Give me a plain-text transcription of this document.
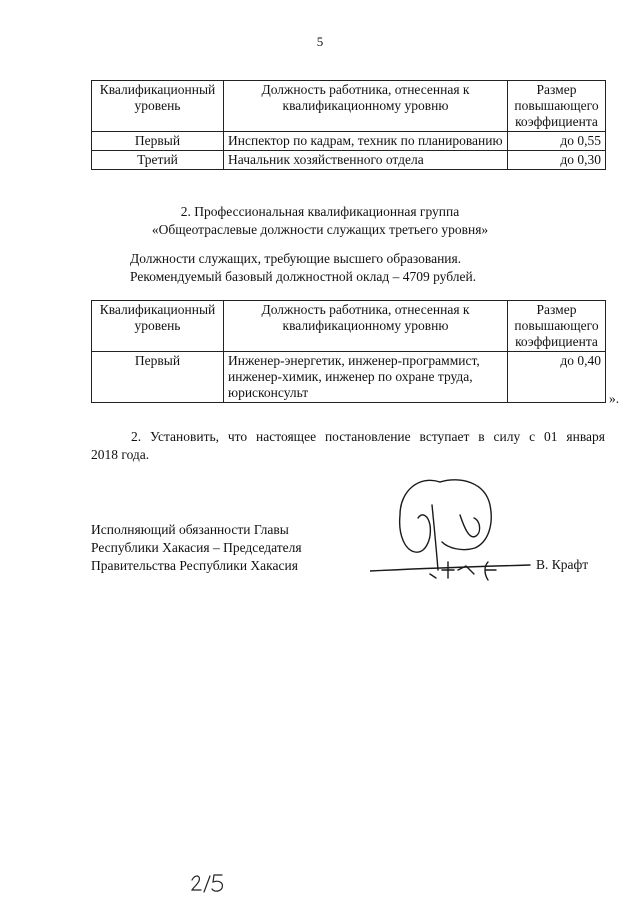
5
Квалификационный уровень	Должность работника, отнесенная к квалификационному уровню	Размер повышающего коэффициента
Первый	Инспектор по кадрам, техник по планированию	до 0,55
Третий	Начальник хозяйственного отдела	до 0,30
2. Профессиональная квалификационная группа
«Общеотраслевые должности служащих третьего уровня»
Должности служащих, требующие высшего образования.
Рекомендуемый базовый должностной оклад – 4709 рублей.
Квалификационный уровень	Должность работника, отнесенная к квалификационному уровню	Размер повышающего коэффициента
Первый	Инженер-энергетик, инженер-программист, инженер-химик, инженер по охране труда, юрисконсульт	до 0,40
».
2. Установить, что настоящее постановление вступает в силу с 01 января
2018 года.
Исполняющий обязанности Главы
Республики Хакасия – Председателя
Правительства Республики Хакасия	В. Крафт
